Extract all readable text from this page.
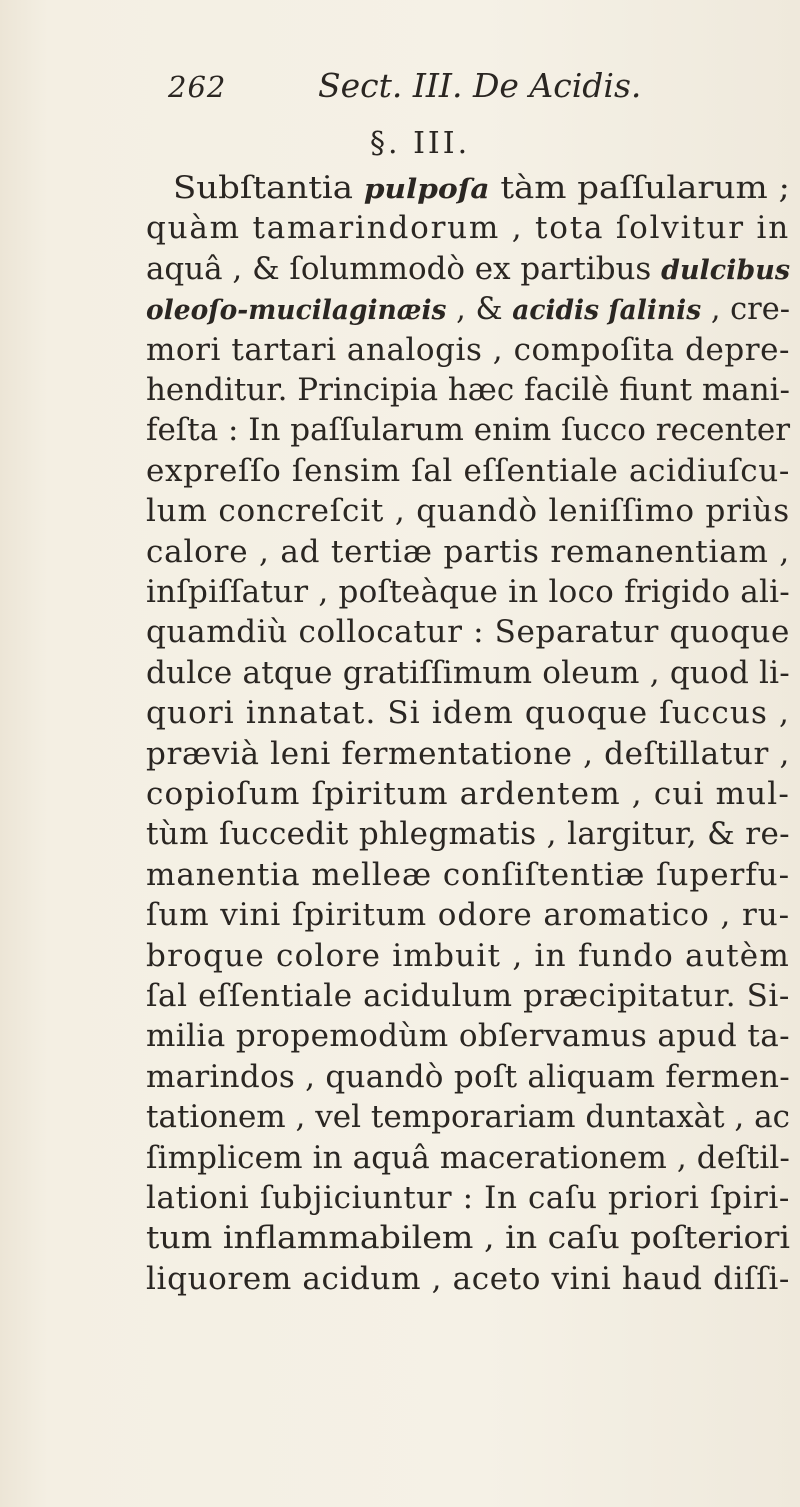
262	Sect. III. De Acidis.
§. III.
Subſtantia pulpoſa tàm paſſularum ;
quàm tamarindorum , tota ſolvitur in
aquâ , & ſolummodò ex partibus dulcibus
oleoſo-mucilaginæis , & acidis ſalinis , cre-
mori tartari analogis , compoſita depre-
henditur. Principia hæc facilè fiunt mani-
feſta : In paſſularum enim ſucco recenter
expreſſo ſensim ſal eſſentiale acidiuſcu-
lum concreſcit , quandò leniſſimo priùs
calore , ad tertiæ partis remanentiam ,
inſpiſſatur , poſteàque in loco frigido ali-
quamdiù collocatur : Separatur quoque
dulce atque gratiſſimum oleum , quod li-
quori innatat. Si idem quoque ſuccus ,
prævià leni fermentatione , deſtillatur ,
copioſum ſpiritum ardentem , cui mul-
tùm ſuccedit phlegmatis , largitur, & re-
manentia melleæ conſiſtentiæ ſuperfu-
ſum vini ſpiritum odore aromatico , ru-
broque colore imbuit , in fundo autèm
ſal eſſentiale acidulum præcipitatur. Si-
milia propemodùm obſervamus apud ta-
marindos , quandò poſt aliquam fermen-
tationem , vel temporariam duntaxàt , ac
ſimplicem in aquâ macerationem , deſtil-
lationi ſubjiciuntur : In caſu priori ſpiri-
tum inflammabilem , in caſu poſteriori
liquorem acidum , aceto vini haud diſſi-
